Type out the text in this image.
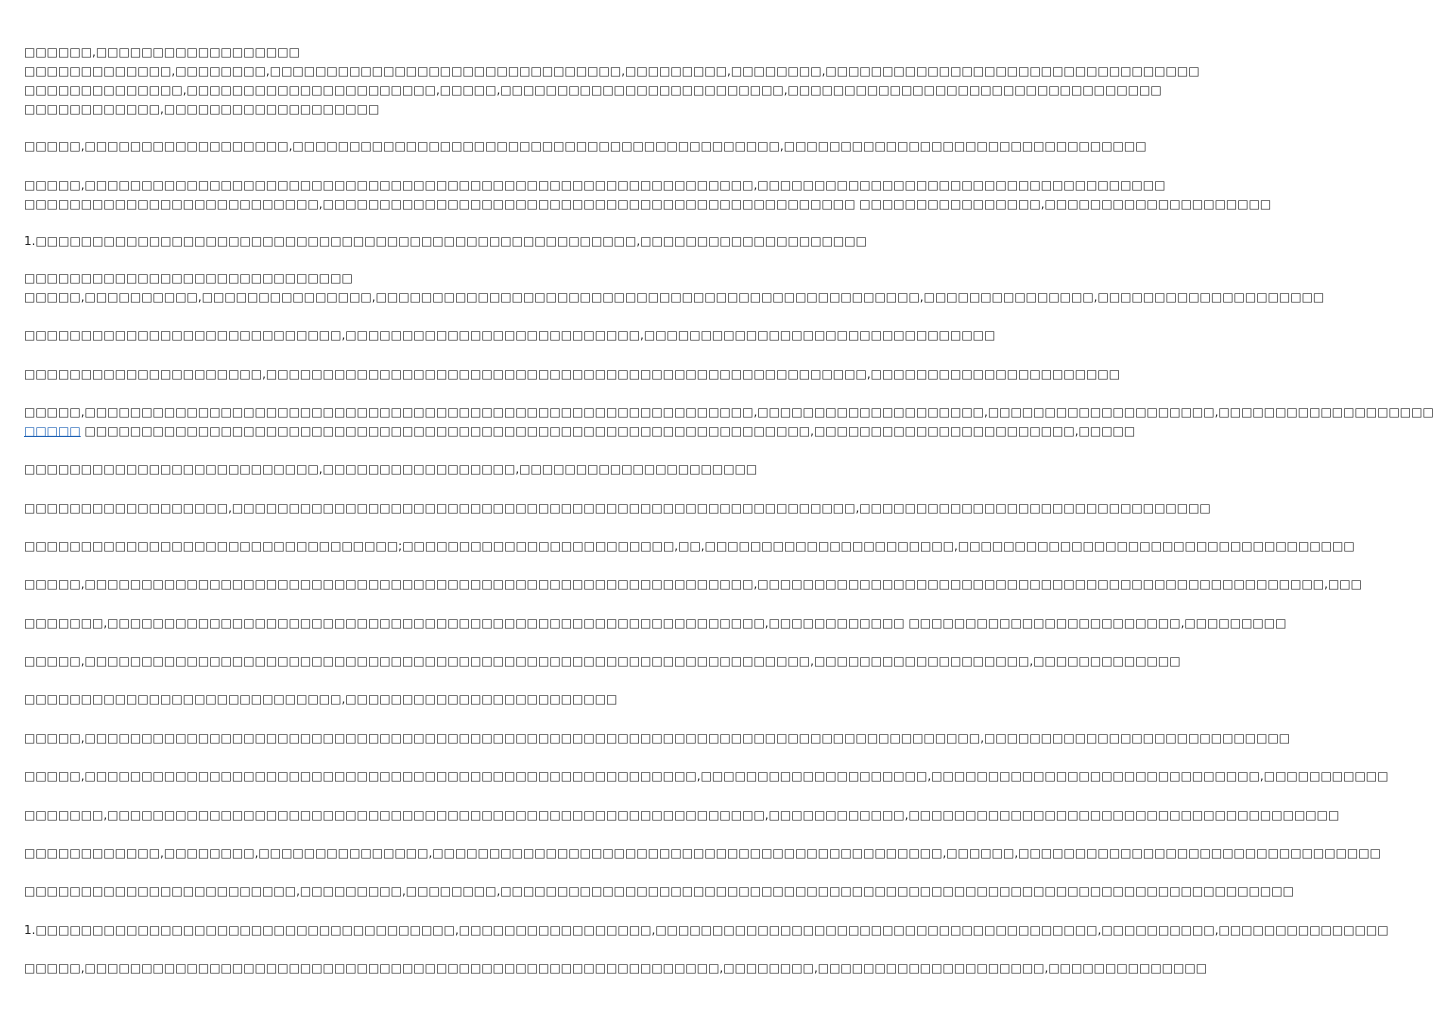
□□□□□□,□□□□□□□□□□□□□□□□□□
□□□□□□□□□□□□□,□□□□□□□□,□□□□□□□□□□□□□□□□□□□□□□□□□□□□□□□,□□□□□□□□□,□□□□□□□□,□□□□□□□□□□□□□□□□□□□□□□□□□□□□□□□□□
□□□□□□□□□□□□□□,□□□□□□□□□□□□□□□□□□□□□□,□□□□□,□□□□□□□□□□□□□□□□□□□□□□□□□,□□□□□□□□□□□□□□□□□□□□□□□□□□□□□□□□□
□□□□□□□□□□□□,□□□□□□□□□□□□□□□□□□□
□□□□□,□□□□□□□□□□□□□□□□□□,□□□□□□□□□□□□□□□□□□□□□□□□□□□□□□□□□□□□□□□□□□□,□□□□□□□□□□□□□□□□□□□□□□□□□□□□□□□□
□□□□□,□□□□□□□□□□□□□□□□□□□□□□□□□□□□□□□□□□□□□□□□□□□□□□□□□□□□□□□□□□□,□□□□□□□□□□□□□□□□□□□□□□□□□□□□□□□□□□□□
□□□□□□□□□□□□□□□□□□□□□□□□□□,□□□□□□□□□□□□□□□□□□□□□□□□□□□□□□□□□□□□□□□□□□□□□□□ □□□□□□□□□□□□□□□□,□□□□□□□□□□□□□□□□□□□□
1.□□□□□□□□□□□□□□□□□□□□□□□□□□□□□□□□□□□□□□□□□□□□□□□□□□□□□,□□□□□□□□□□□□□□□□□□□□
□□□□□□□□□□□□□□□□□□□□□□□□□□□□□
□□□□□,□□□□□□□□□□,□□□□□□□□□□□□□□□,□□□□□□□□□□□□□□□□□□□□□□□□□□□□□□□□□□□□□□□□□□□□□□□□,□□□□□□□□□□□□□□□,□□□□□□□□□□□□□□□□□□□□
□□□□□□□□□□□□□□□□□□□□□□□□□□□□,□□□□□□□□□□□□□□□□□□□□□□□□□□,□□□□□□□□□□□□□□□□□□□□□□□□□□□□□□□
□□□□□□□□□□□□□□□□□□□□□,□□□□□□□□□□□□□□□□□□□□□□□□□□□□□□□□□□□□□□□□□□□□□□□□□□□□□,□□□□□□□□□□□□□□□□□□□□□□
□□□□□,□□□□□□□□□□□□□□□□□□□□□□□□□□□□□□□□□□□□□□□□□□□□□□□□□□□□□□□□□□□,□□□□□□□□□□□□□□□□□□□□,□□□□□□□□□□□□□□□□□□□□,□□□□□□□□□□□□□□□□□□□
□□□□□ □□□□□□□□□□□□□□□□□□□□□□□□□□□□□□□□□□□□□□□□□□□□□□□□□□□□□□□□□□□□□□□□,□□□□□□□□□□□□□□□□□□□□□□□,□□□□□
□□□□□□□□□□□□□□□□□□□□□□□□□□,□□□□□□□□□□□□□□□□□,□□□□□□□□□□□□□□□□□□□□□
□□□□□□□□□□□□□□□□□□,□□□□□□□□□□□□□□□□□□□□□□□□□□□□□□□□□□□□□□□□□□□□□□□□□□□□□□□,□□□□□□□□□□□□□□□□□□□□□□□□□□□□□□□
□□□□□□□□□□□□□□□□□□□□□□□□□□□□□□□□□;□□□□□□□□□□□□□□□□□□□□□□□□,□□,□□□□□□□□□□□□□□□□□□□□□□,□□□□□□□□□□□□□□□□□□□□□□□□□□□□□□□□□□□
□□□□□,□□□□□□□□□□□□□□□□□□□□□□□□□□□□□□□□□□□□□□□□□□□□□□□□□□□□□□□□□□□,□□□□□□□□□□□□□□□□□□□□□□□□□□□□□□□□□□□□□□□□□□□□□□□□□□,□□□
□□□□□□□,□□□□□□□□□□□□□□□□□□□□□□□□□□□□□□□□□□□□□□□□□□□□□□□□□□□□□□□□□□,□□□□□□□□□□□□ □□□□□□□□□□□□□□□□□□□□□□□□,□□□□□□□□□
□□□□□,□□□□□□□□□□□□□□□□□□□□□□□□□□□□□□□□□□□□□□□□□□□□□□□□□□□□□□□□□□□□□□□□,□□□□□□□□□□□□□□□□□□□,□□□□□□□□□□□□□
□□□□□□□□□□□□□□□□□□□□□□□□□□□□,□□□□□□□□□□□□□□□□□□□□□□□□
□□□□□,□□□□□□□□□□□□□□□□□□□□□□□□□□□□□□□□□□□□□□□□□□□□□□□□□□□□□□□□□□□□□□□□□□□□□□□□□□□□□□□,□□□□□□□□□□□□□□□□□□□□□□□□□□□
□□□□□,□□□□□□□□□□□□□□□□□□□□□□□□□□□□□□□□□□□□□□□□□□□□□□□□□□□□□□,□□□□□□□□□□□□□□□□□□□□,□□□□□□□□□□□□□□□□□□□□□□□□□□□□□,□□□□□□□□□□□
□□□□□□□,□□□□□□□□□□□□□□□□□□□□□□□□□□□□□□□□□□□□□□□□□□□□□□□□□□□□□□□□□□,□□□□□□□□□□□□,□□□□□□□□□□□□□□□□□□□□□□□□□□□□□□□□□□□□□□
□□□□□□□□□□□□,□□□□□□□□,□□□□□□□□□□□□□□□,□□□□□□□□□□□□□□□□□□□□□□□□□□□□□□□□□□□□□□□□□□□□□,□□□□□□,□□□□□□□□□□□□□□□□□□□□□□□□□□□□□□□□
□□□□□□□□□□□□□□□□□□□□□□□□,□□□□□□□□□,□□□□□□□□,□□□□□□□□□□□□□□□□□□□□□□□□□□□□□□□□□□□□□□□□□□□□□□□□□□□□□□□□□□□□□□□□□□□□□□
1.□□□□□□□□□□□□□□□□□□□□□□□□□□□□□□□□□□□□□,□□□□□□□□□□□□□□□□□,□□□□□□□□□□□□□□□□□□□□□□□□□□□□□□□□□□□□□□□,□□□□□□□□□□,□□□□□□□□□□□□□□□
□□□□□,□□□□□□□□□□□□□□□□□□□□□□□□□□□□□□□□□□□□□□□□□□□□□□□□□□□□□□□□,□□□□□□□□,□□□□□□□□□□□□□□□□□□□□,□□□□□□□□□□□□□□
